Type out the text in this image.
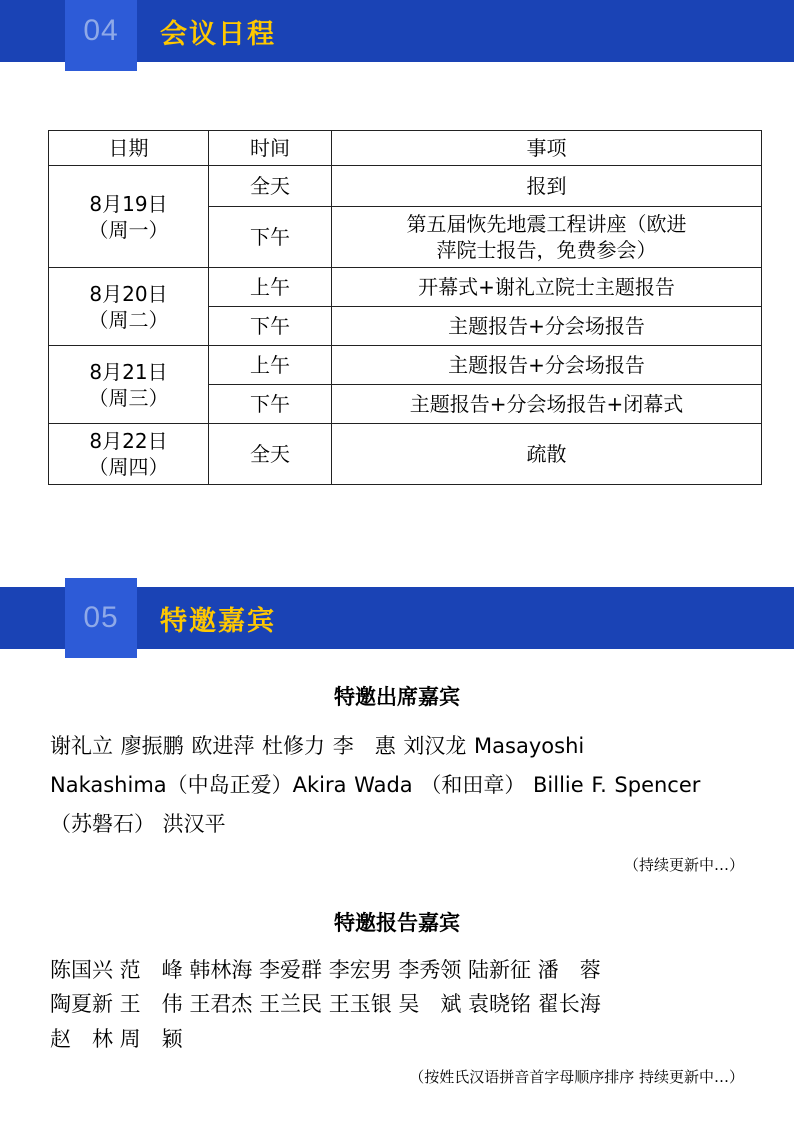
04	会议日程
日期	时间	事项

8月19日
（周一）	全天	报到
	下午	第五届恢先地震工程讲座（欧进
萍院士报告，免费参会）

8月20日
（周二）	上午	开幕式+谢礼立院士主题报告
	下午	主题报告+分会场报告

8月21日
（周三）	上午	主题报告+分会场报告
	下午	主题报告+分会场报告+闭幕式

8月22日
（周四）	全天	疏散
05	特邀嘉宾
特邀出席嘉宾
谢礼立 廖振鹏 欧进萍 杜修力 李　惠 刘汉龙 Masayoshi
Nakashima（中岛正爱）Akira Wada （和田章） Billie F. Spencer
（苏磐石） 洪汉平
（持续更新中…）
特邀报告嘉宾
陈国兴 范　峰 韩林海 李爱群 李宏男 李秀领 陆新征 潘　蓉
陶夏新 王　伟 王君杰 王兰民 王玉银 吴　斌 袁晓铭 翟长海
赵　林 周　颖
（按姓氏汉语拼音首字母顺序排序 持续更新中…）
